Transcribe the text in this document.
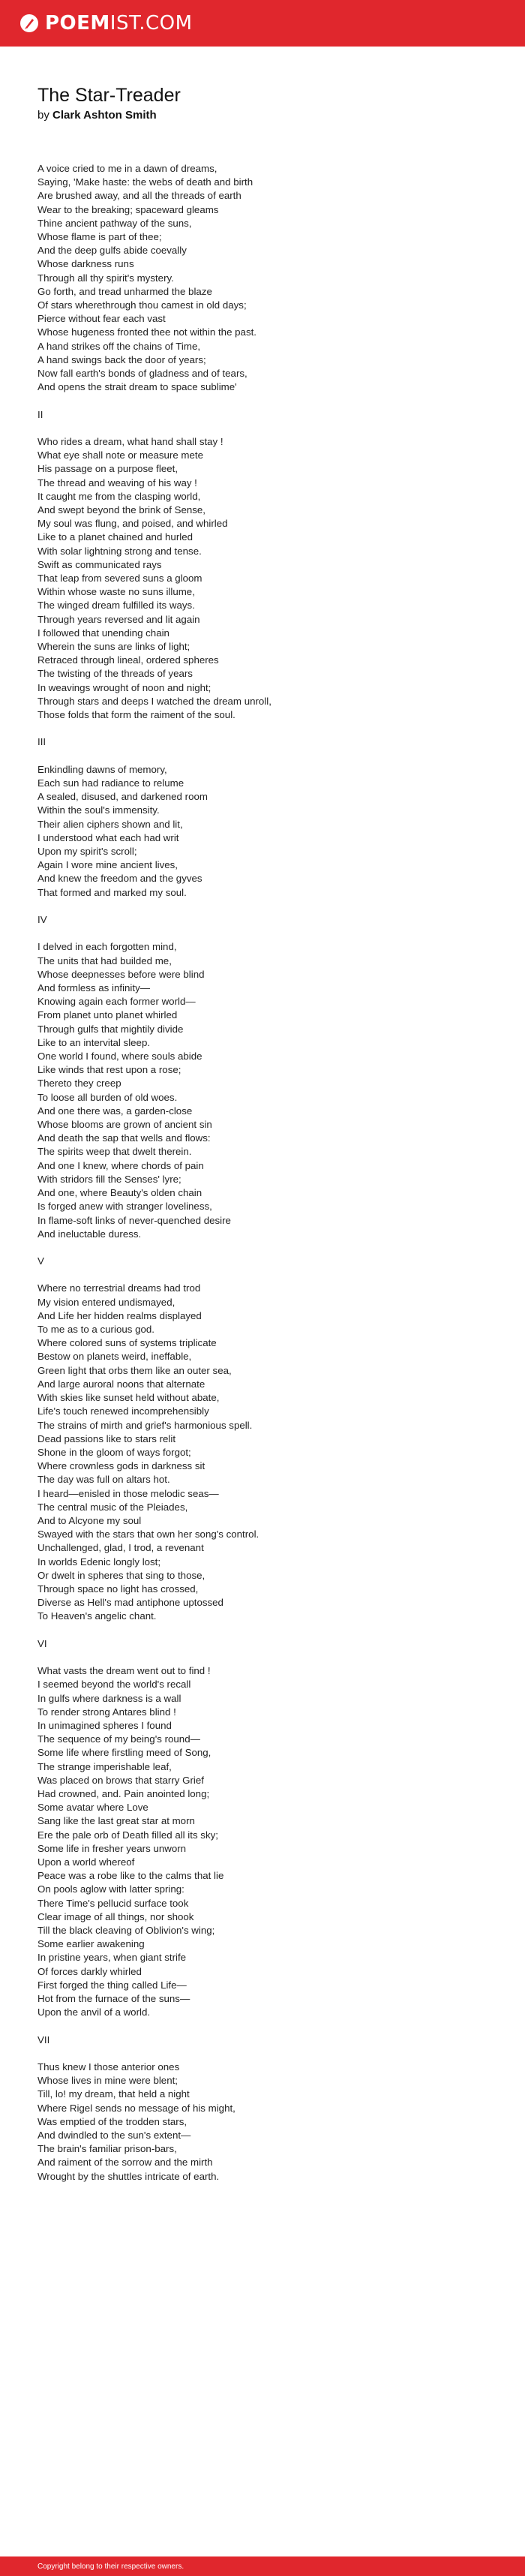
POEM IST.COM
The Star-Treader
by Clark Ashton Smith
A voice cried to me in a dawn of dreams,
Saying, 'Make haste: the webs of death and birth
Are brushed away, and all the threads of earth
Wear to the breaking; spaceward gleams
Thine ancient pathway of the suns,
Whose flame is part of thee;
And the deep gulfs abide coevally
Whose darkness runs
Through all thy spirit's mystery.
Go forth, and tread unharmed the blaze
Of stars wherethrough thou camest in old days;
Pierce without fear each vast
Whose hugeness fronted thee not within the past.
A hand strikes off the chains of Time,
A hand swings back the door of years;
Now fall earth's bonds of gladness and of tears,
And opens the strait dream to space sublime'
II
Who rides a dream, what hand shall stay !
What eye shall note or measure mete
His passage on a purpose fleet,
The thread and weaving of his way !
It caught me from the clasping world,
And swept beyond the brink of Sense,
My soul was flung, and poised, and whirled
Like to a planet chained and hurled
With solar lightning strong and tense.
Swift as communicated rays
That leap from severed suns a gloom
Within whose waste no suns illume,
The winged dream fulfilled its ways.
Through years reversed and lit again
I followed that unending chain
Wherein the suns are links of light;
Retraced through lineal, ordered spheres
The twisting of the threads of years
In weavings wrought of noon and night;
Through stars and deeps I watched the dream unroll,
Those folds that form the raiment of the soul.
III
Enkindling dawns of memory,
Each sun had radiance to relume
A sealed, disused, and darkened room
Within the soul's immensity.
Their alien ciphers shown and lit,
I understood what each had writ
Upon my spirit's scroll;
Again I wore mine ancient lives,
And knew the freedom and the gyves
That formed and marked my soul.
IV
I delved in each forgotten mind,
The units that had builded me,
Whose deepnesses before were blind
And formless as infinity—
Knowing again each former world—
From planet unto planet whirled
Through gulfs that mightily divide
Like to an intervital sleep.
One world I found, where souls abide
Like winds that rest upon a rose;
Thereto they creep
To loose all burden of old woes.
And one there was, a garden-close
Whose blooms are grown of ancient sin
And death the sap that wells and flows:
The spirits weep that dwelt therein.
And one I knew, where chords of pain
With stridors fill the Senses' lyre;
And one, where Beauty's olden chain
Is forged anew with stranger loveliness,
In flame-soft links of never-quenched desire
And ineluctable duress.
V
Where no terrestrial dreams had trod
My vision entered undismayed,
And Life her hidden realms displayed
To me as to a curious god.
Where colored suns of systems triplicate
Bestow on planets weird, ineffable,
Green light that orbs them like an outer sea,
And large auroral noons that alternate
With skies like sunset held without abate,
Life's touch renewed incomprehensibly
The strains of mirth and grief's harmonious spell.
Dead passions like to stars relit
Shone in the gloom of ways forgot;
Where crownless gods in darkness sit
The day was full on altars hot.
I heard—enisled in those melodic seas—
The central music of the Pleiades,
And to Alcyone my soul
Swayed with the stars that own her song's control.
Unchallenged, glad, I trod, a revenant
In worlds Edenic longly lost;
Or dwelt in spheres that sing to those,
Through space no light has crossed,
Diverse as Hell's mad antiphone uptossed
To Heaven's angelic chant.
VI
What vasts the dream went out to find !
I seemed beyond the world's recall
In gulfs where darkness is a wall
To render strong Antares blind !
In unimagined spheres I found
The sequence of my being's round—
Some life where firstling meed of Song,
The strange imperishable leaf,
Was placed on brows that starry Grief
Had crowned, and. Pain anointed long;
Some avatar where Love
Sang like the last great star at morn
Ere the pale orb of Death filled all its sky;
Some life in fresher years unworn
Upon a world whereof
Peace was a robe like to the calms that lie
On pools aglow with latter spring:
There Time's pellucid surface took
Clear image of all things, nor shook
Till the black cleaving of Oblivion's wing;
Some earlier awakening
In pristine years, when giant strife
Of forces darkly whirled
First forged the thing called Life—
Hot from the furnace of the suns—
Upon the anvil of a world.
VII
Thus knew I those anterior ones
Whose lives in mine were blent;
Till, lo! my dream, that held a night
Where Rigel sends no message of his might,
Was emptied of the trodden stars,
And dwindled to the sun's extent—
The brain's familiar prison-bars,
And raiment of the sorrow and the mirth
Wrought by the shuttles intricate of earth.
Copyright belong to their respective owners.
